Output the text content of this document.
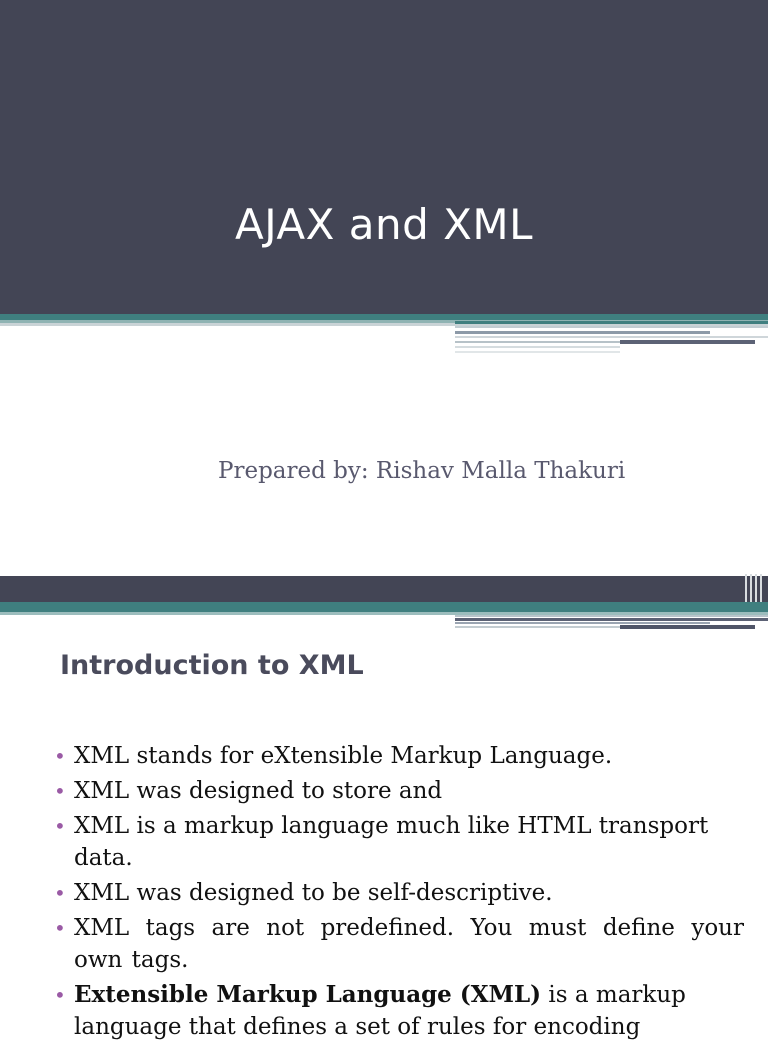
AJAX and XML
Prepared by: Rishav Malla Thakuri
Introduction to XML
• XML stands for eXtensible Markup Language.
• XML was designed to store and
• XML is a markup language much like HTML transport data.
• XML was designed to be self-descriptive.
• XML tags are not predefined. You must define your own tags.
• Extensible Markup Language (XML) is a markup language that defines a set of rules for encoding
